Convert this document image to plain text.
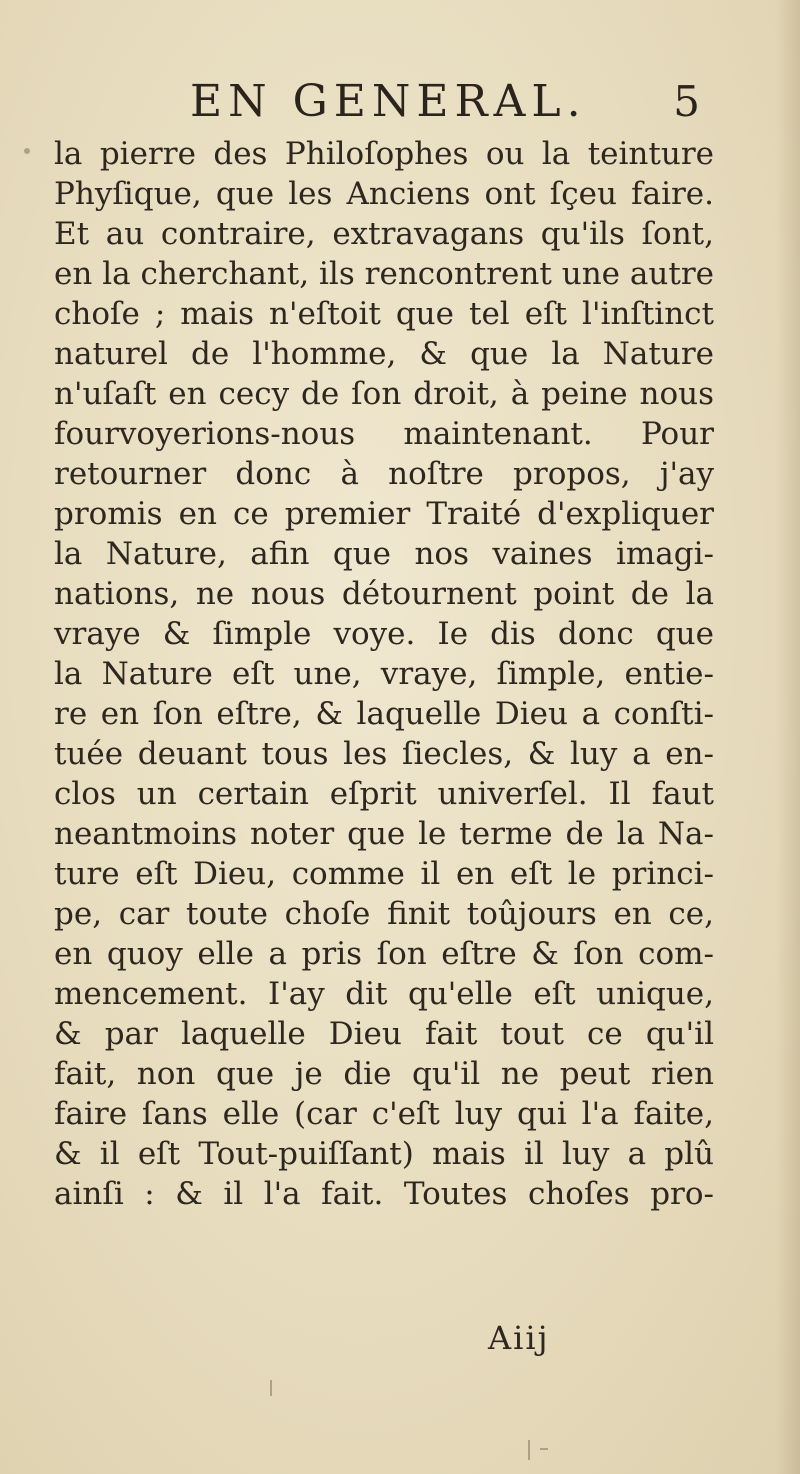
EN GENERAL. 5
la pierre des Philoſophes ou la teinture
Phyſique, que les Anciens ont ſçeu faire.
Et au contraire, extravagans qu'ils ſont,
en la cherchant, ils rencontrent une autre
choſe ; mais n'eſtoit que tel eſt l'inſtinct
naturel de l'homme, & que la Nature
n'uſaſt en cecy de ſon droit, à peine nous
fourvoyerions-nous maintenant. Pour
retourner donc à noſtre propos, j'ay
promis en ce premier Traité d'expliquer
la Nature, afin que nos vaines imagi-
nations, ne nous détournent point de la
vraye & ſimple voye. Ie dis donc que
la Nature eſt une, vraye, ſimple, entie-
re en ſon eſtre, & laquelle Dieu a conſti-
tuée deuant tous les ſiecles, & luy a en-
clos un certain eſprit univerſel. Il faut
neantmoins noter que le terme de la Na-
ture eſt Dieu, comme il en eſt le princi-
pe, car toute choſe finit toûjours en ce,
en quoy elle a pris ſon eſtre & ſon com-
mencement. I'ay dit qu'elle eſt unique,
& par laquelle Dieu fait tout ce qu'il
fait, non que je die qu'il ne peut rien
faire ſans elle (car c'eſt luy qui l'a faite,
& il eſt Tout-puiſſant) mais il luy a plû
ainſi : & il l'a fait. Toutes choſes pro-
Aiij
